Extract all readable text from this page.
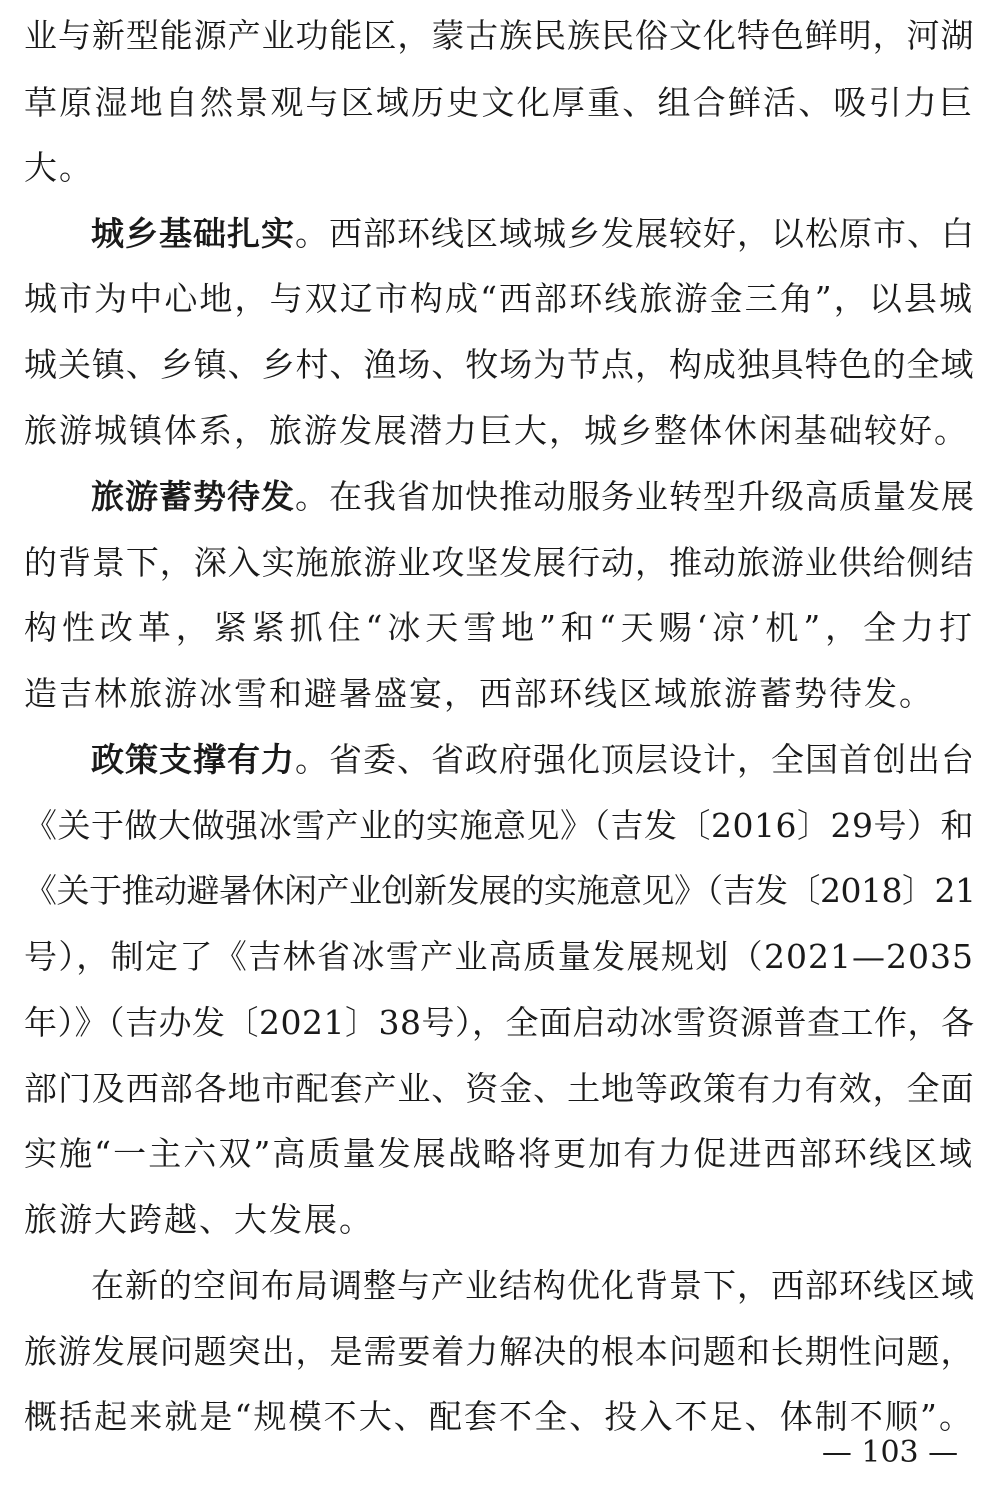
业与新型能源产业功能区，蒙古族民族民俗文化特色鲜明，河湖
草原湿地自然景观与区域历史文化厚重、组合鲜活、吸引力巨
大。
城乡基础扎实。西部环线区域城乡发展较好，以松原市、白
城市为中心地，与双辽市构成“西部环线旅游金三角”，以县城
城关镇、乡镇、乡村、渔场、牧场为节点，构成独具特色的全域
旅游城镇体系，旅游发展潜力巨大，城乡整体休闲基础较好。
旅游蓄势待发。在我省加快推动服务业转型升级高质量发展
的背景下，深入实施旅游业攻坚发展行动，推动旅游业供给侧结
构性改革，紧紧抓住“冰天雪地”和“天赐‘凉’机”，全力打
造吉林旅游冰雪和避暑盛宴，西部环线区域旅游蓄势待发。
政策支撑有力。省委、省政府强化顶层设计，全国首创出台
《关于做大做强冰雪产业的实施意见》（吉发〔2016〕29号）和
《关于推动避暑休闲产业创新发展的实施意见》（吉发〔2018〕21
号），制定了《吉林省冰雪产业高质量发展规划（2021—2035
年）》（吉办发〔2021〕38号），全面启动冰雪资源普查工作，各
部门及西部各地市配套产业、资金、土地等政策有力有效，全面
实施“一主六双”高质量发展战略将更加有力促进西部环线区域
旅游大跨越、大发展。
在新的空间布局调整与产业结构优化背景下，西部环线区域
旅游发展问题突出，是需要着力解决的根本问题和长期性问题，
概括起来就是“规模不大、配套不全、投入不足、体制不顺”。
— 103 —
